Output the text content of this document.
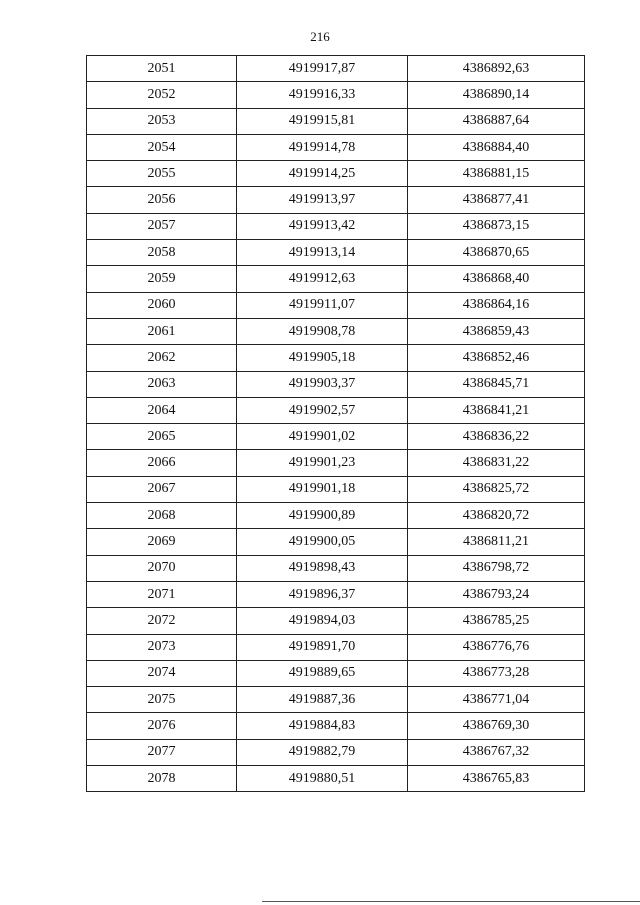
216
2051	4919917,87	4386892,63
2052	4919916,33	4386890,14
2053	4919915,81	4386887,64
2054	4919914,78	4386884,40
2055	4919914,25	4386881,15
2056	4919913,97	4386877,41
2057	4919913,42	4386873,15
2058	4919913,14	4386870,65
2059	4919912,63	4386868,40
2060	4919911,07	4386864,16
2061	4919908,78	4386859,43
2062	4919905,18	4386852,46
2063	4919903,37	4386845,71
2064	4919902,57	4386841,21
2065	4919901,02	4386836,22
2066	4919901,23	4386831,22
2067	4919901,18	4386825,72
2068	4919900,89	4386820,72
2069	4919900,05	4386811,21
2070	4919898,43	4386798,72
2071	4919896,37	4386793,24
2072	4919894,03	4386785,25
2073	4919891,70	4386776,76
2074	4919889,65	4386773,28
2075	4919887,36	4386771,04
2076	4919884,83	4386769,30
2077	4919882,79	4386767,32
2078	4919880,51	4386765,83
